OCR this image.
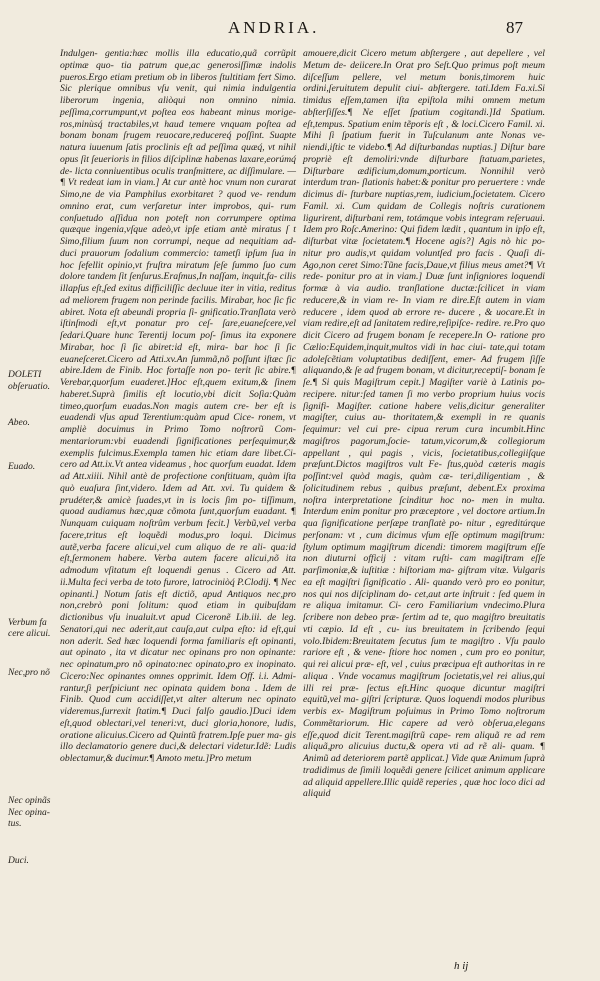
ANDRIA.	87

Indulgen- gentia:hæc mollis illa educatio,quã corrũpit optimæ quo- tia patrum que,ac generosiſſimæ indolis pueros.Ergo etiam pretium ob in liberos ſtultitiam fert Simo. Sic plerique omnibus vſu venit, qui nimia indulgentia liberorum ingenia, aliòqui non omnino nimia. peſſima,corrumpunt,vt poſtea eos habeant minus morige- ros,minùsq́ tractabiles,vt haud temere vnquam poſtea ad bonam bonam ſrugem reuocare,reducereq́ poſſint. Suapte natura iuuenum ſatis proclinis eſt ad peſſima quæq́, vt nihil opus ſit ſeuerioris in filios diſciplinæ habenas laxare,eorúmq́ de- licta conniuentibus oculis tranſmittere, ac diſſimulare. — ¶ Vt redeat iam in viam.] At cur antè hoc vnum non curarat Simo,ne de via Pamphilus exorbitaret ? quod ve- rendum omnino erat, cum verſaretur inter improbos, qui- rum conſuetudo aſſidua non poteſt non corrumpere optima quæque ingenia,vſque adeò,vt ipſe etiam antè miratus ſ t Simo,filium ſuum non corrumpi, neque ad nequitiam ad- duci prauorum ſodalium commercio: tametſi ipſum ſua in hoc ſefellit opinio,vt fruſtra miratum ſeſe ſummo ſuo cum dolore tandem ſit ſenſurus.Eraſmus,In naſſam, inquit,fa- cilis illapſus eſt,ſed exitus difficiliſſic decluue iter in vitia, reditus ad meliorem frugem non perinde facilis. Mirabar, hoc ſic fic abiret. Nota eſt abeundi propria ſi- gnificatio.Tranſlata verò iſtinſmodi eſt,vt ponatur pro ceſ- ſare,euaneſcere,vel ſedari.Quare hunc Terentij locum poſ- ſimus ita exponere Mirabar, hoc ſi ſic abiret:id eſt, mira- bar hoc ſi ſic euaneſceret.Cicero ad Atti.xv.An ſummã,nõ poſſunt iſtæc ſic abire.Idem de Finib. Hoc fortaſſe non po- terit ſic abire.¶ Verebar,quorſum euaderet.]Hoc eſt,quem exitum,& ſinem haberet.Suprà ſimilis eſt locutio,vbi dicit Soſia:Quàm timeo,quorſum euadas.Non magis autem cre- ber eſt is euadendi vſus apud Terentium:quàm apud Cice- ronem, vt ampliè docuimus in Primo Tomo noſtrorũ Com- mentariorum:vbi euadendi ſignificationes perſequimur,& exemplis fulcimus.Exempla tamen hic etiam dare libet.Ci- cero ad Att.ix.Vt antea videamus , hoc quorſum euadat. Idem ad Att.xiiii. Nihil antè de profectione conſtituam, quàm iſta quò euaſura ſint,videro. Idem ad Att. xvi. Tu quidem & prudéter,& amicè ſuades,vt in is locis ſim po- tiſſimum, quoad audiamus hæc,quæ cõmota ſunt,quorſum euadant. ¶ Nunquam cuiquam noſtrûm verbum fecit.] Verbũ,vel verba facere,tritus eſt loquẽdi modus,pro loqui. Dicimus autẽ,verba facere alicui,vel cum aliquo de re ali- qua:id eſt,ſermonem habere. Verba autem facere alicui,nõ ita admodum vſitatum eſt loquendi genus . Cicero ad Att. ii.Multa feci verba de toto furore, latrociniòq́ P.Clodij. ¶ Nec opinanti.] Notum ſatis eſt dictiõ, apud Antiquos nec,pro non,crebrò poni ſolitum: quod etiam in quibuſdam dictionibus vſu inualuit.vt apud Ciceronẽ Lib.iii. de leg. Senatori,qui nec aderit,aut cauſa,aut culpa eſto: id eſt,qui non aderit. Sed hæc loquendi forma familiaris eſt opinanti, aut opinato , ita vt dicatur nec opinans pro non opinante: nec opinatum,pro nõ opinato:nec opinato,pro ex inopinato. Cicero:Nec opinantes omnes opprimit. Idem Off. i.i. Admi- rantur,ſi perſpiciunt nec opinata quidem bona . Idem de Finib. Quod cum accidiſſet,vt alter alterum nec opinato videremus,ſurrexit ſtatim.¶ Duci falſo gaudio.]Duci idem eſt,quod oblectari,vel teneri:vt, duci gloria,honore, ludis, oratione alicuius.Cicero ad Quintũ fratrem.Ipſe puer ma- gis illo declamatorio genere duci,& delectari videtur.Idẽ: Ludis oblectamur,& ducimur.¶ Amoto metu.]Pro metum

amouere,dicit Cicero metum abſtergere , aut depellere , vel Metum de- deiicere.In Orat pro Seſt.Quo primus poſt meum diſceſſum pellere, vel metum bonis,timorem huic ordini,ſeruitutem depulit ciui- abſtergere. tati.Idem Fa.xi.Si timidus eſſem,tamen iſta epiſtola mihi omnem metum abſterſiſſes.¶ Ne eſſet ſpatium cogitandi.]Id Spatium. eſt,tempus. Spatium enim tẽporis eſt , & loci.Cicero Famil. xi. Mihi ſi ſpatium fuerit in Tuſculanum ante Nonas ve- niendi,iſtic te videbo.¶ Ad diſturbandas nuptias.] Diſtur bare propriè eſt demoliri:vnde diſturbare ſtatuam,parietes, Diſturbare ædificium,domum,porticum. Nonnihil verò interdum tran- ſlationis habet:& ponitur pro peruertere : vnde dicimus di- ſturbare nuptias,rem, iudicium,ſocietatem. Cicero Famil. xi. Cum quidam de Collegis noſtris curationem ligurirent, diſturbani rem, totámque vobis integram reſeruaui. Idem pro Roſc.Amerino: Qui fidem lædit , quantum in ipſo eſt, diſturbat vitæ ſocietatem.¶ Hocene agis?] Agis nò hic po- nitur pro audis,vt quidam voluntſed pro facis . Quaſi di- Ago,non ceret Simo:Tũne facis,Daue,vt filius meus amet?¶ Vt rede- ponitur pro at in viam.] Duæ ſunt inſigniores loquendi formæ à via audio. tranſlatione ductæ:ſcilicet in viam reducere,& in viam re- In viam re dire.Eſt autem in viam reducere , idem quod ab errore re- ducere , & uocare.Et in viam redire,eſt ad ſanitatem redire,reſipiſce- redire. re.Pro quo dicit Cicero ad frugem bonam ſe recepere.In O- ratione pro Cælio:Equidem,inquit,multos vidi in hac ciui- tate,qui totam adoleſcẽtiam voluptatibus dediſſent, emer- Ad frugem ſiſſe aliquando,& ſe ad frugem bonam, vt dicitur,receptiſ- bonam ſe ſe.¶ Si quis Magiſtrum cepit.] Magiſter variè à Latinis po- recipere. nitur:ſed tamen ſi mo verbo proprium huius vocis ſignifi- Magiſter. catione habere velis,dicitur generaliter magiſter, cuius au- thoritatem,& exempli in re quanis ſequimur: vel cui pre- cipua rerum cura incumbit.Hinc magiſtros pagorum,ſocie- tatum,vicorum,& collegiorum appellant , qui pagis , vicis, ſocietatibus,collegiiſque præſunt.Dictos magiſtros vult Fe- ſtus,quòd cæteris magis poſſint:vel quòd magis, quàm cæ- teri,diligentiam , & ſolicitudinem rebus , quibus præſunt, debent.Ex proxima noſtra interpretatione ſcinditur hoc no- men in multa. Interdum enim ponitur pro præceptore , vel doctore artium.In qua ſignificatione perſæpe tranſlatè po- nitur , egreditúrque perſonam: vt , cum dicimus vſum eſſe optimum magiſtrum: ſtylum optimum magiſtrum dicendi: timorem magiſtrum eſſe non diuturni officij : vitam ruſti- cam magiſtram eſſe parſimoniæ,& iuſtitiæ : hiſtoriam ma- giſtram vitæ. Vulgaris ea eſt magiſtri ſignificatio . Ali- quando verò pro eo ponitur, nos qui nos diſciplinam do- cet,aut arte inſtruit : ſed quem in re aliqua imitamur. Ci- cero Familiarium vndecimo.Plura ſcribere non debeo præ- ſertim ad te, quo magiſtro breuitatis vti cæpio. Id eſt , cu- ius breuitatem in ſcribendo ſequi volo.Ibidem:Breuitatem ſecutus ſum te magiſtro . Vſu paulo rariore eſt , & vene- ſtiore hoc nomen , cum pro eo ponitur, qui rei alicui præ- eſt, vel , cuius præcipua eſt authoritas in re aliqua . Vnde vocamus magiſtrum ſocietatis,vel rei alius,qui illi rei præ- ſectus eſt.Hinc quoque dicuntur magiſtri equitũ,vel ma- giſtri ſcripturæ. Quos loquendi modos pluribus verbis ex- Magiſtrum poſuimus in Primo Tomo noſtrorum Commẽtariorum. Hic capere ad verò obſerua,elegans eſſe,quod dicit Terent.magiſtrũ cape- rem aliquã re ad rem aliquã,pro alicuius ductu,& opera vti ad rẽ ali- quam. ¶ Animũ ad deteriorem partẽ applicat.] Vide quæ Animum ſuprà tradidimus de ſimili loquẽdi genere ſcilicet animum applicare ad aliquid appellere.Illic quidẽ reperies , quæ hoc loco dici ad aliquid

DOLETI
obſeruatio.
Abeo.
Euado.
Verbum fa cere alicui.
Nec,pro nõ
Nec opinãs
Nec opina- tus.
Duci.
h ij
